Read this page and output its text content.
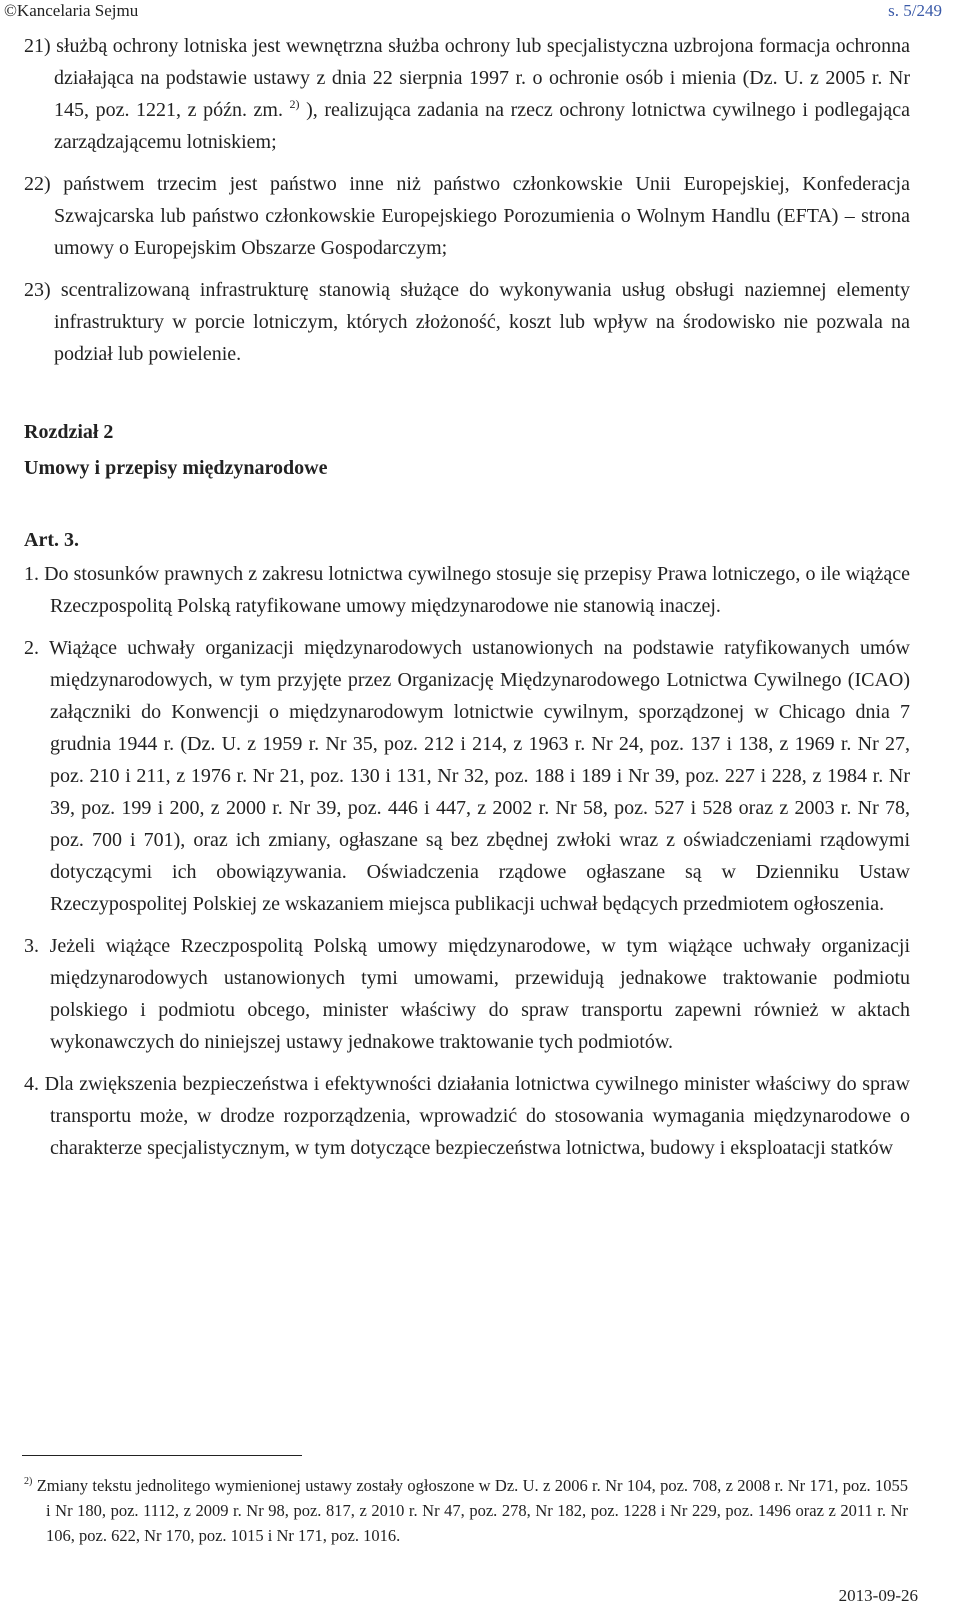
©Kancelaria Sejmu	s. 5/249

21) służbą ochrony lotniska jest wewnętrzna służba ochrony lub specjalistyczna uzbrojona formacja ochronna działająca na podstawie ustawy z dnia 22 sierpnia 1997 r. o ochronie osób i mienia (Dz. U. z 2005 r. Nr 145, poz. 1221, z późn. zm. $^{2)}$ ), realizująca zadania na rzecz ochrony lotnictwa cywilnego i podlegająca zarządzającemu lotniskiem;

22) państwem trzecim jest państwo inne niż państwo członkowskie Unii Europejskiej, Konfederacja Szwajcarska lub państwo członkowskie Europejskiego Porozumienia o Wolnym Handlu (EFTA) – strona umowy o Europejskim Obszarze Gospodarczym;

23) scentralizowaną infrastrukturę stanowią służące do wykonywania usług obsługi naziemnej elementy infrastruktury w porcie lotniczym, których złożoność, koszt lub wpływ na środowisko nie pozwala na podział lub powielenie.

Rozdział 2

Umowy i przepisy międzynarodowe

Art. 3.

1. Do stosunków prawnych z zakresu lotnictwa cywilnego stosuje się przepisy Prawa lotniczego, o ile wiążące Rzeczpospolitą Polską ratyfikowane umowy międzynarodowe nie stanowią inaczej.

2. Wiążące uchwały organizacji międzynarodowych ustanowionych na podstawie ratyfikowanych umów międzynarodowych, w tym przyjęte przez Organizację Międzynarodowego Lotnictwa Cywilnego (ICAO) załączniki do Konwencji o międzynarodowym lotnictwie cywilnym, sporządzonej w Chicago dnia 7 grudnia 1944 r. (Dz. U. z 1959 r. Nr 35, poz. 212 i 214, z 1963 r. Nr 24, poz. 137 i 138, z 1969 r. Nr 27, poz. 210 i 211, z 1976 r. Nr 21, poz. 130 i 131, Nr 32, poz. 188 i 189 i Nr 39, poz. 227 i 228, z 1984 r. Nr 39, poz. 199 i 200, z 2000 r. Nr 39, poz. 446 i 447, z 2002 r. Nr 58, poz. 527 i 528 oraz z 2003 r. Nr 78, poz. 700 i 701), oraz ich zmiany, ogłaszane są bez zbędnej zwłoki wraz z oświadczeniami rządowymi dotyczącymi ich obowiązywania. Oświadczenia rządowe ogłaszane są w Dzienniku Ustaw Rzeczypospolitej Polskiej ze wskazaniem miejsca publikacji uchwał będących przedmiotem ogłoszenia.

3. Jeżeli wiążące Rzeczpospolitą Polską umowy międzynarodowe, w tym wiążące uchwały organizacji międzynarodowych ustanowionych tymi umowami, przewidują jednakowe traktowanie podmiotu polskiego i podmiotu obcego, minister właściwy do spraw transportu zapewni również w aktach wykonawczych do niniejszej ustawy jednakowe traktowanie tych podmiotów.

4. Dla zwiększenia bezpieczeństwa i efektywności działania lotnictwa cywilnego minister właściwy do spraw transportu może, w drodze rozporządzenia, wprowadzić do stosowania wymagania międzynarodowe o charakterze specjalistycznym, w tym dotyczące bezpieczeństwa lotnictwa, budowy i eksploatacji statków

$^{2)}$ Zmiany tekstu jednolitego wymienionej ustawy zostały ogłoszone w Dz. U. z 2006 r. Nr 104, poz. 708, z 2008 r. Nr 171, poz. 1055 i Nr 180, poz. 1112, z 2009 r. Nr 98, poz. 817, z 2010 r. Nr 47, poz. 278, Nr 182, poz. 1228 i Nr 229, poz. 1496 oraz z 2011 r. Nr 106, poz. 622, Nr 170, poz. 1015 i Nr 171, poz. 1016.

2013-09-26
